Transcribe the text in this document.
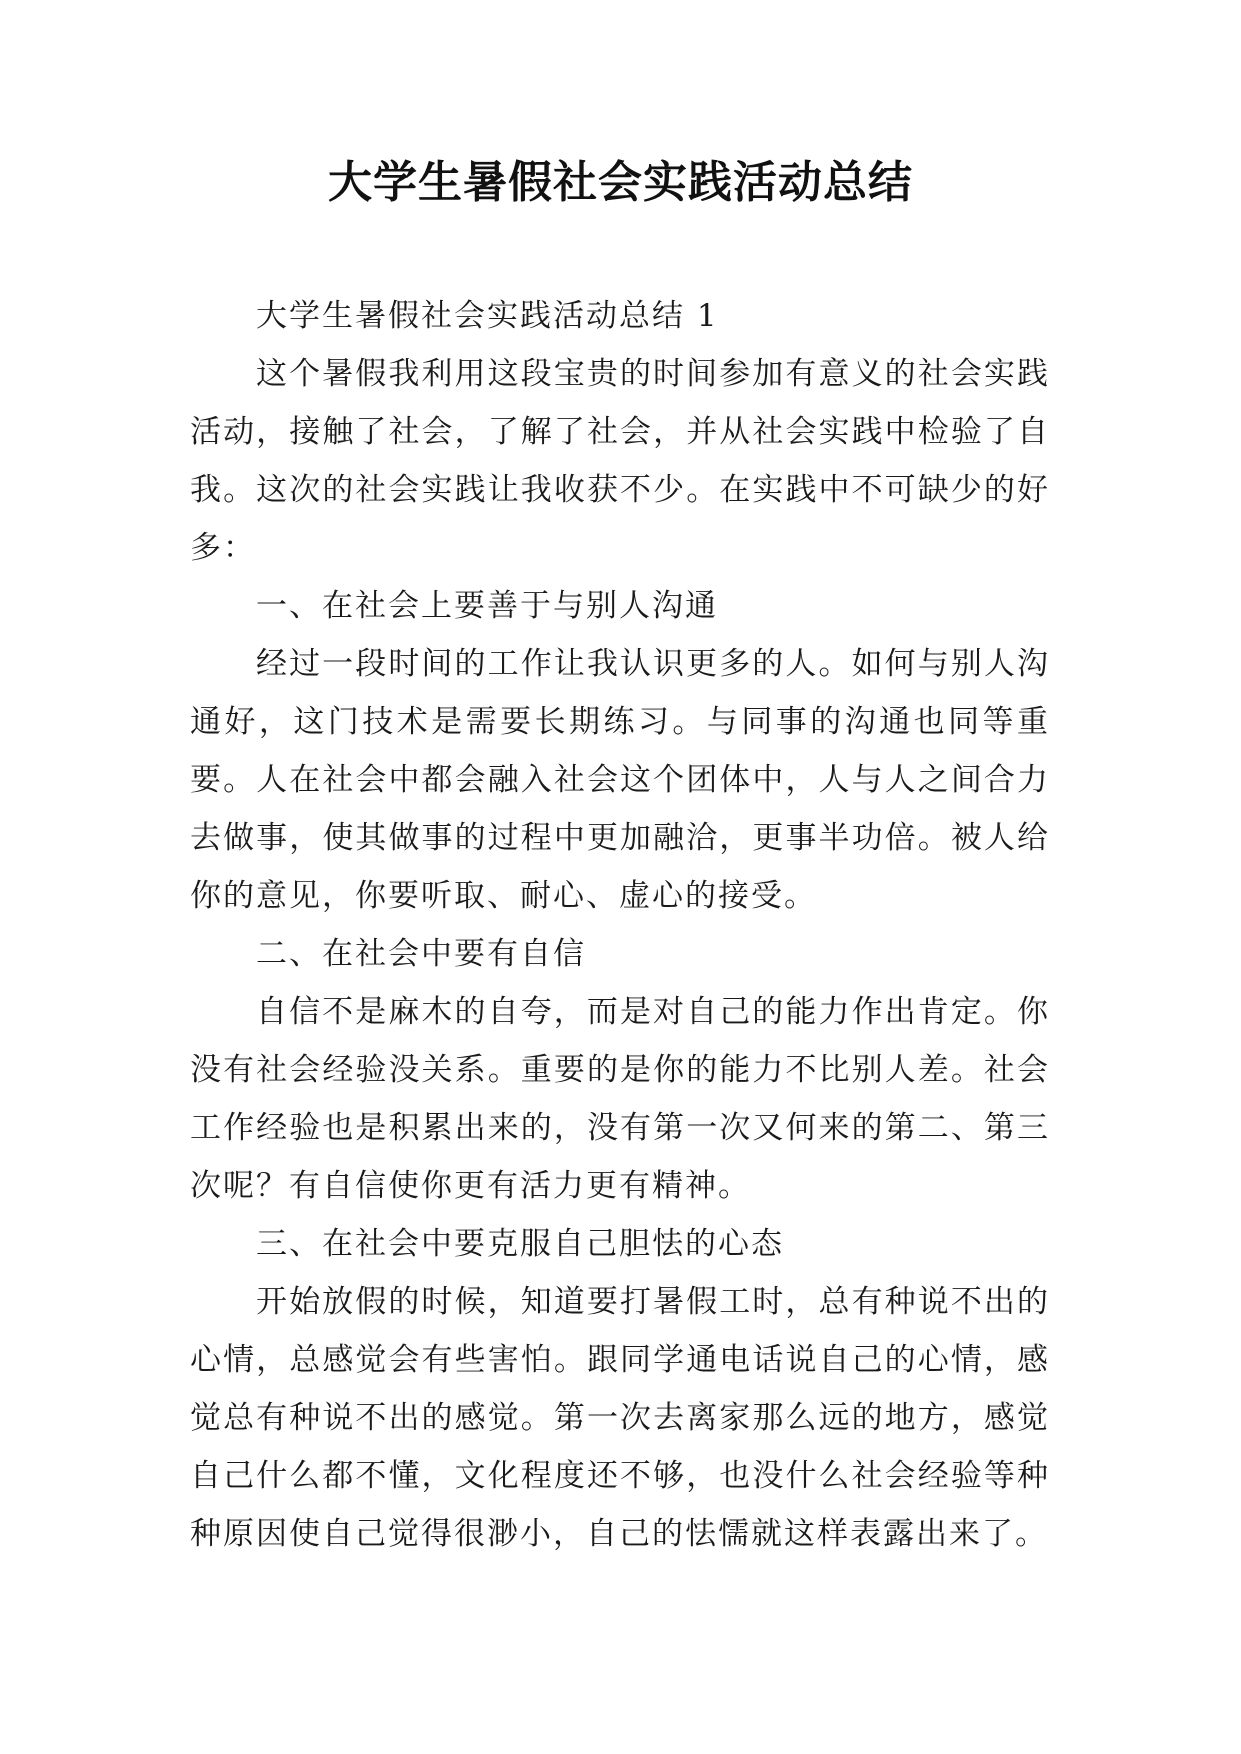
大学生暑假社会实践活动总结

大学生暑假社会实践活动总结 1

这个暑假我利用这段宝贵的时间参加有意义的社会实践活动，接触了社会，了解了社会，并从社会实践中检验了自我。这次的社会实践让我收获不少。在实践中不可缺少的好多：

一、在社会上要善于与别人沟通

经过一段时间的工作让我认识更多的人。如何与别人沟通好，这门技术是需要长期练习。与同事的沟通也同等重要。人在社会中都会融入社会这个团体中，人与人之间合力去做事，使其做事的过程中更加融洽，更事半功倍。被人给你的意见，你要听取、耐心、虚心的接受。

二、在社会中要有自信

自信不是麻木的自夸，而是对自己的能力作出肯定。你没有社会经验没关系。重要的是你的能力不比别人差。社会工作经验也是积累出来的，没有第一次又何来的第二、第三次呢？有自信使你更有活力更有精神。

三、在社会中要克服自己胆怯的心态

开始放假的时候，知道要打暑假工时，总有种说不出的心情，总感觉会有些害怕。跟同学通电话说自己的心情，感觉总有种说不出的感觉。第一次去离家那么远的地方，感觉自己什么都不懂，文化程度还不够，也没什么社会经验等种种原因使自己觉得很渺小，自己的怯懦就这样表露出来了。
